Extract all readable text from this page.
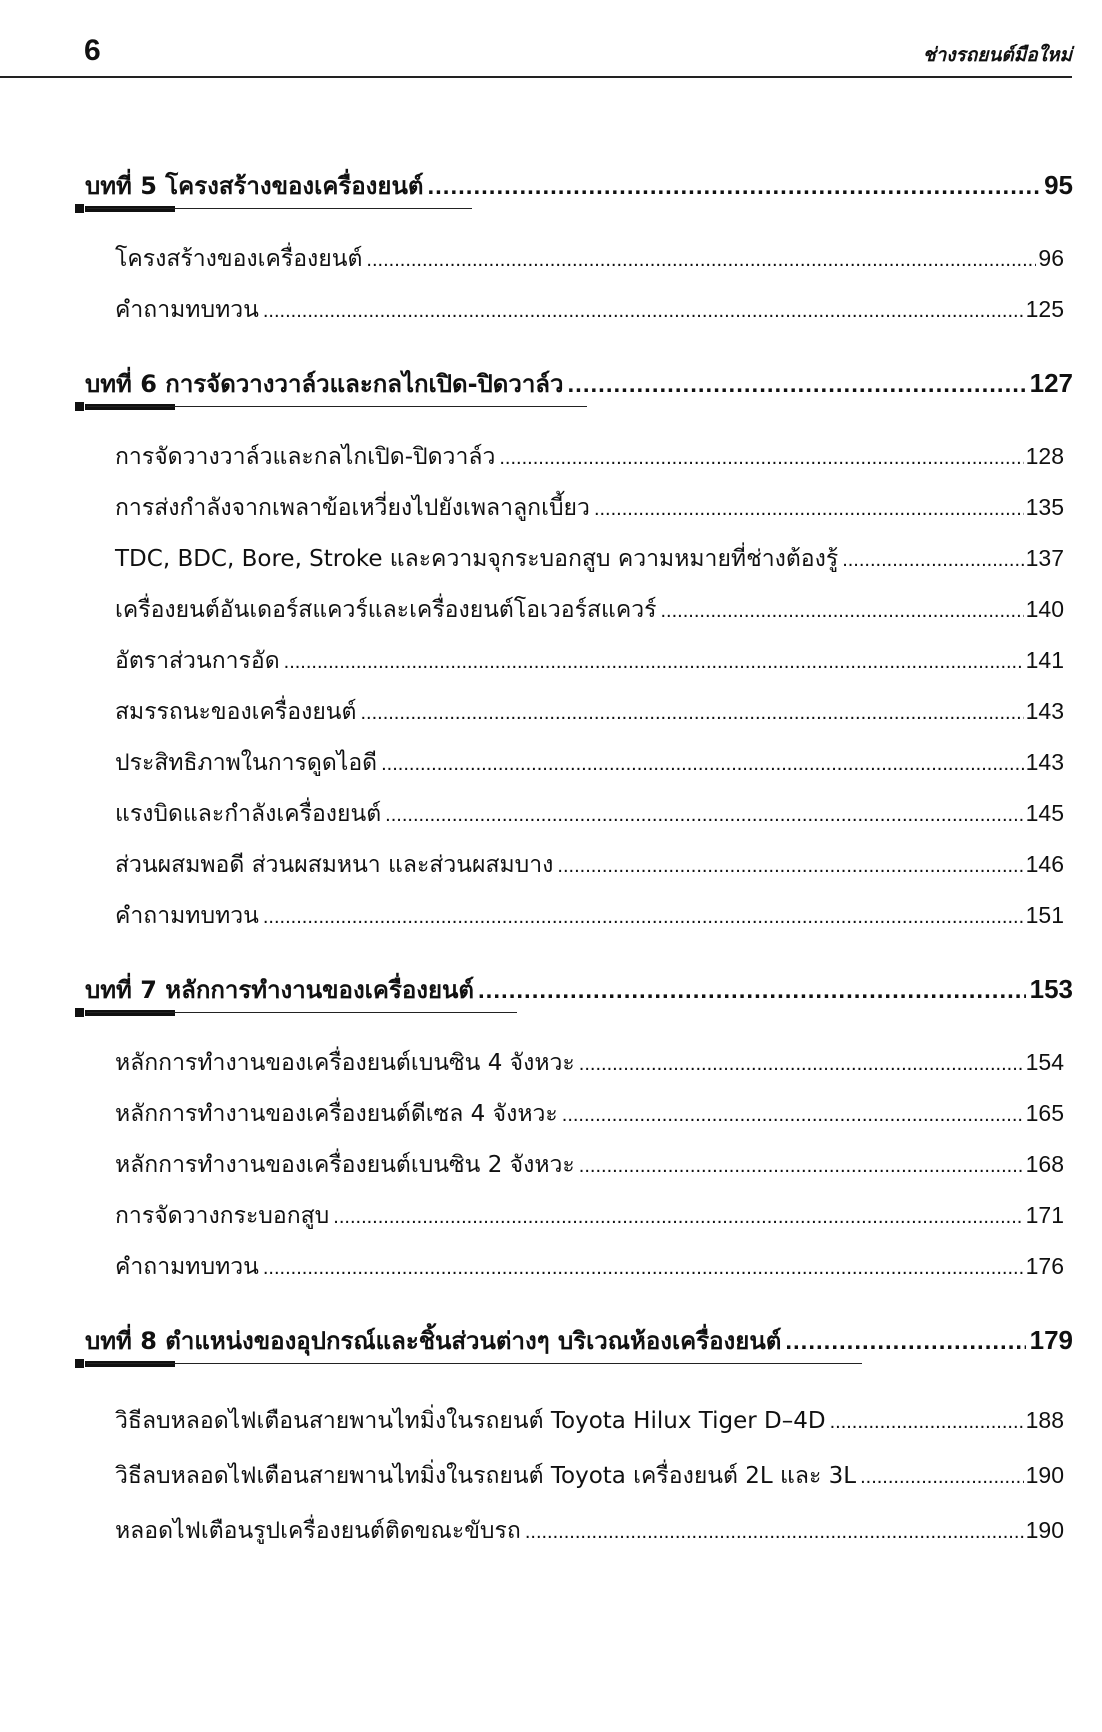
6	ช่างรถยนต์มือใหม่
บทที่ 5 โครงสร้างของเครื่องยนต์ .....	95
โครงสร้างของเครื่องยนต์ .....	96
คำถามทบทวน .....	125
บทที่ 6 การจัดวางวาล์วและกลไกเปิด-ปิดวาล์ว .....	127
การจัดวางวาล์วและกลไกเปิด-ปิดวาล์ว .....	128
การส่งกำลังจากเพลาข้อเหวี่ยงไปยังเพลาลูกเบี้ยว .....	135
TDC, BDC, Bore, Stroke และความจุกระบอกสูบ ความหมายที่ช่างต้องรู้ .....	137
เครื่องยนต์อันเดอร์สแควร์และเครื่องยนต์โอเวอร์สแควร์ .....	140
อัตราส่วนการอัด .....	141
สมรรถนะของเครื่องยนต์ .....	143
ประสิทธิภาพในการดูดไอดี .....	143
แรงบิดและกำลังเครื่องยนต์ .....	145
ส่วนผสมพอดี ส่วนผสมหนา และส่วนผสมบาง .....	146
คำถามทบทวน .....	151
บทที่ 7 หลักการทำงานของเครื่องยนต์ .....	153
หลักการทำงานของเครื่องยนต์เบนซิน 4 จังหวะ .....	154
หลักการทำงานของเครื่องยนต์ดีเซล 4 จังหวะ .....	165
หลักการทำงานของเครื่องยนต์เบนซิน 2 จังหวะ .....	168
การจัดวางกระบอกสูบ .....	171
คำถามทบทวน .....	176
บทที่ 8 ตำแหน่งของอุปกรณ์และชิ้นส่วนต่างๆ บริเวณห้องเครื่องยนต์ .....	179
วิธีลบหลอดไฟเตือนสายพานไทมิ่งในรถยนต์ Toyota Hilux Tiger D–4D .....	188
วิธีลบหลอดไฟเตือนสายพานไทมิ่งในรถยนต์ Toyota เครื่องยนต์ 2L และ 3L .....	190
หลอดไฟเตือนรูปเครื่องยนต์ติดขณะขับรถ .....	190
